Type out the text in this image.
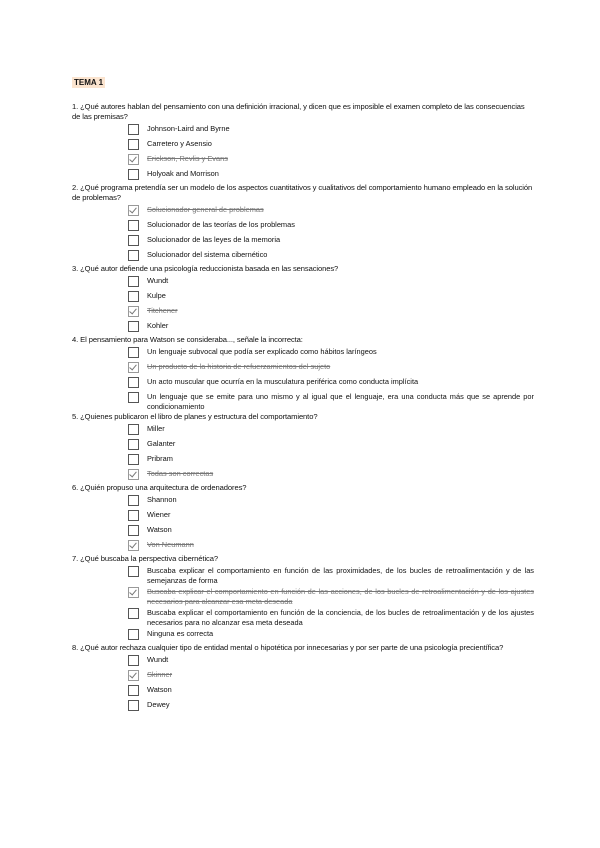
TEMA 1
1. ¿Qué autores hablan del pensamiento con una definición irracional, y dicen que es imposible el examen completo de las consecuencias de las premisas?
Johnson-Laird and Byrne
Carretero y Asensio
Erickson, Revlis y Evans
Holyoak and Morrison
2. ¿Qué programa pretendía ser un modelo de los aspectos cuantitativos y cualitativos del comportamiento humano empleado en la solución de problemas?
Solucionador general de problemas
Solucionador de las teorías de los problemas
Solucionador de las leyes de la memoria
Solucionador del sistema cibernético
3. ¿Qué autor defiende una psicología reduccionista basada en las sensaciones?
Wundt
Kulpe
Titchener
Kohler
4. El pensamiento para Watson se consideraba..., señale la incorrecta:
Un lenguaje subvocal que podía ser explicado como hábitos laríngeos
Un producto de la historia de refuerzamientos del sujeto
Un acto muscular que ocurría en la musculatura periférica como conducta implícita
Un lenguaje que se emite para uno mismo y al igual que el lenguaje, era una conducta más que se aprende por condicionamiento
5. ¿Quienes publicaron el libro de planes y estructura del comportamiento?
Miller
Galanter
Pribram
Todas son correctas
6. ¿Quién propuso una arquitectura de ordenadores?
Shannon
Wiener
Watson
Von Neumann
7. ¿Qué buscaba la perspectiva cibernética?
Buscaba explicar el comportamiento en función de las proximidades, de los bucles de retroalimentación y de las semejanzas de forma
Buscaba explicar el comportamiento en función de las acciones, de los bucles de retroalimentación y de los ajustes necesarios para alcanzar esa meta deseada
Buscaba explicar el comportamiento en función de la conciencia, de los bucles de retroalimentación y de los ajustes necesarios para no alcanzar esa meta deseada
Ninguna es correcta
8. ¿Qué autor rechaza cualquier tipo de entidad mental o hipotética por innecesarias y por ser parte de una psicología precientífica?
Wundt
Skinner
Watson
Dewey
